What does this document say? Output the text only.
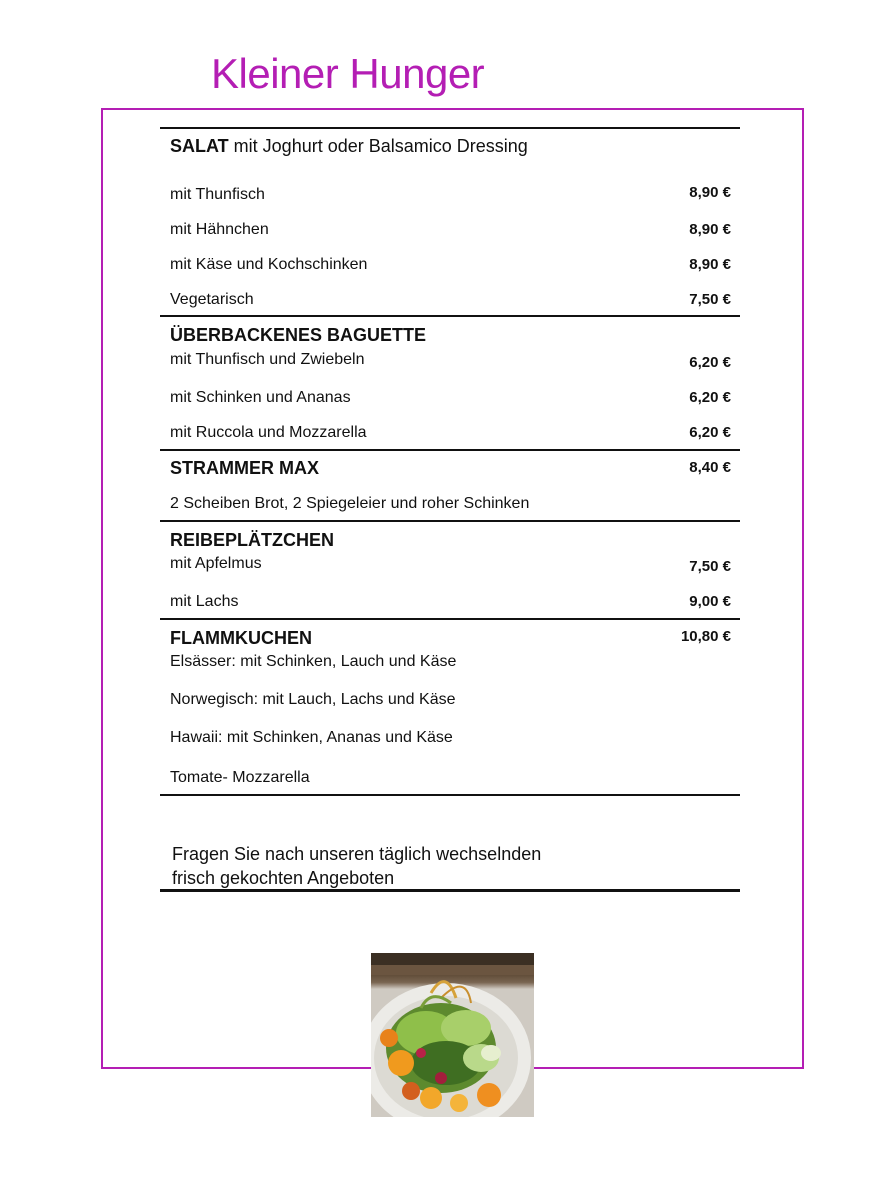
Kleiner Hunger
SALAT mit Joghurt oder Balsamico Dressing
mit Thunfisch	8,90 €
mit Hähnchen	8,90 €
mit Käse und Kochschinken	8,90 €
Vegetarisch	7,50 €
ÜBERBACKENES BAGUETTE
mit Thunfisch und Zwiebeln	6,20 €
mit Schinken und Ananas	6,20 €
mit Ruccola und Mozzarella	6,20 €
STRAMMER MAX	8,40 €
2 Scheiben Brot, 2 Spiegeleier und roher Schinken
REIBEPLÄTZCHEN
mit Apfelmus	7,50 €
mit Lachs	9,00 €
FLAMMKUCHEN	10,80 €
Elsässer: mit Schinken, Lauch und Käse
Norwegisch: mit Lauch, Lachs und Käse
Hawaii: mit Schinken, Ananas und Käse
Tomate- Mozzarella
Fragen Sie nach unseren täglich wechselnden
frisch gekochten Angeboten
